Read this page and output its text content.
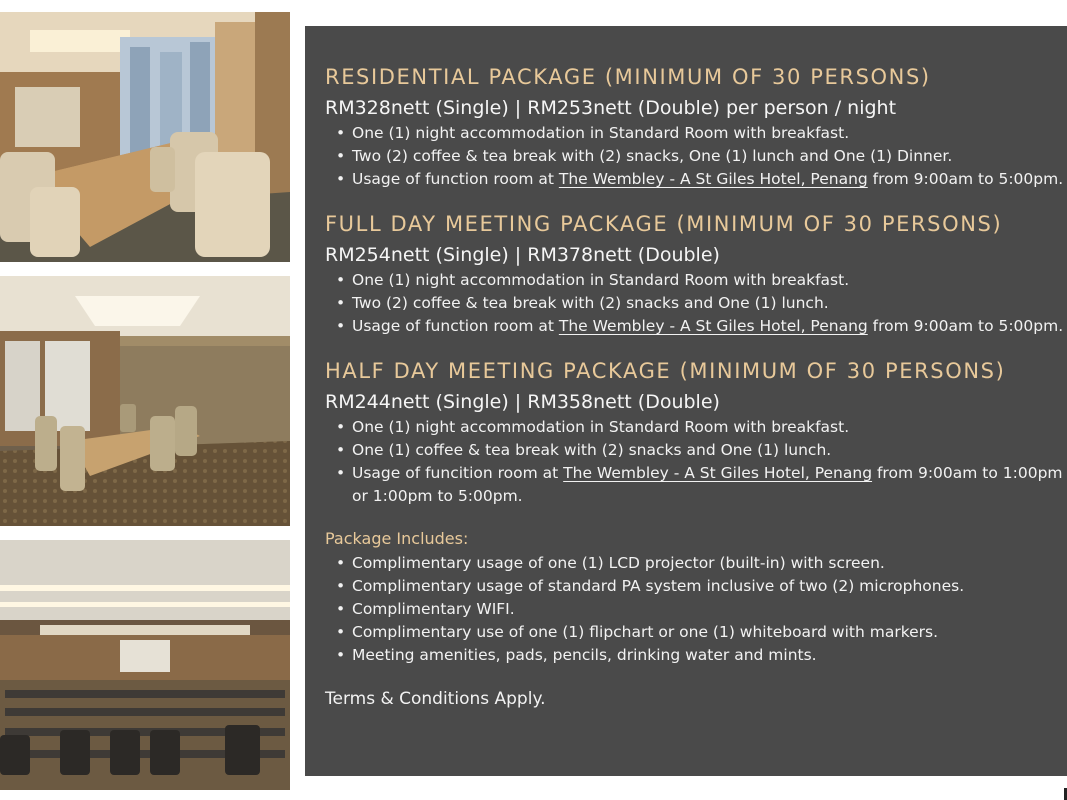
RESIDENTIAL PACKAGE (MINIMUM OF 30 PERSONS)

RM328nett (Single) | RM253nett (Double) per person / night

• One (1) night accommodation in Standard Room with breakfast.
• Two (2) coffee & tea break with (2) snacks, One (1) lunch and One (1) Dinner.
• Usage of function room at The Wembley - A St Giles Hotel, Penang from 9:00am to 5:00pm.
FULL DAY MEETING PACKAGE (MINIMUM OF 30 PERSONS)

RM254nett (Single) | RM378nett (Double)

• One (1) night accommodation in Standard Room with breakfast.
• Two (2) coffee & tea break with (2) snacks and One (1) lunch.
• Usage of function room at The Wembley - A St Giles Hotel, Penang from 9:00am to 5:00pm.
HALF DAY MEETING PACKAGE (MINIMUM OF 30 PERSONS)

RM244nett (Single) | RM358nett (Double)

• One (1) night accommodation in Standard Room with breakfast.
• One (1) coffee & tea break with (2) snacks and One (1) lunch.
• Usage of funcition room at The Wembley - A St Giles Hotel, Penang from 9:00am to 1:00pm or 1:00pm to 5:00pm.

Package Includes:

• Complimentary usage of one (1) LCD projector (built-in) with screen.
• Complimentary usage of standard PA system inclusive of two (2) microphones.
• Complimentary WIFI.
• Complimentary use of one (1) flipchart or one (1) whiteboard with markers.
• Meeting amenities, pads, pencils, drinking water and mints.

Terms & Conditions Apply.
